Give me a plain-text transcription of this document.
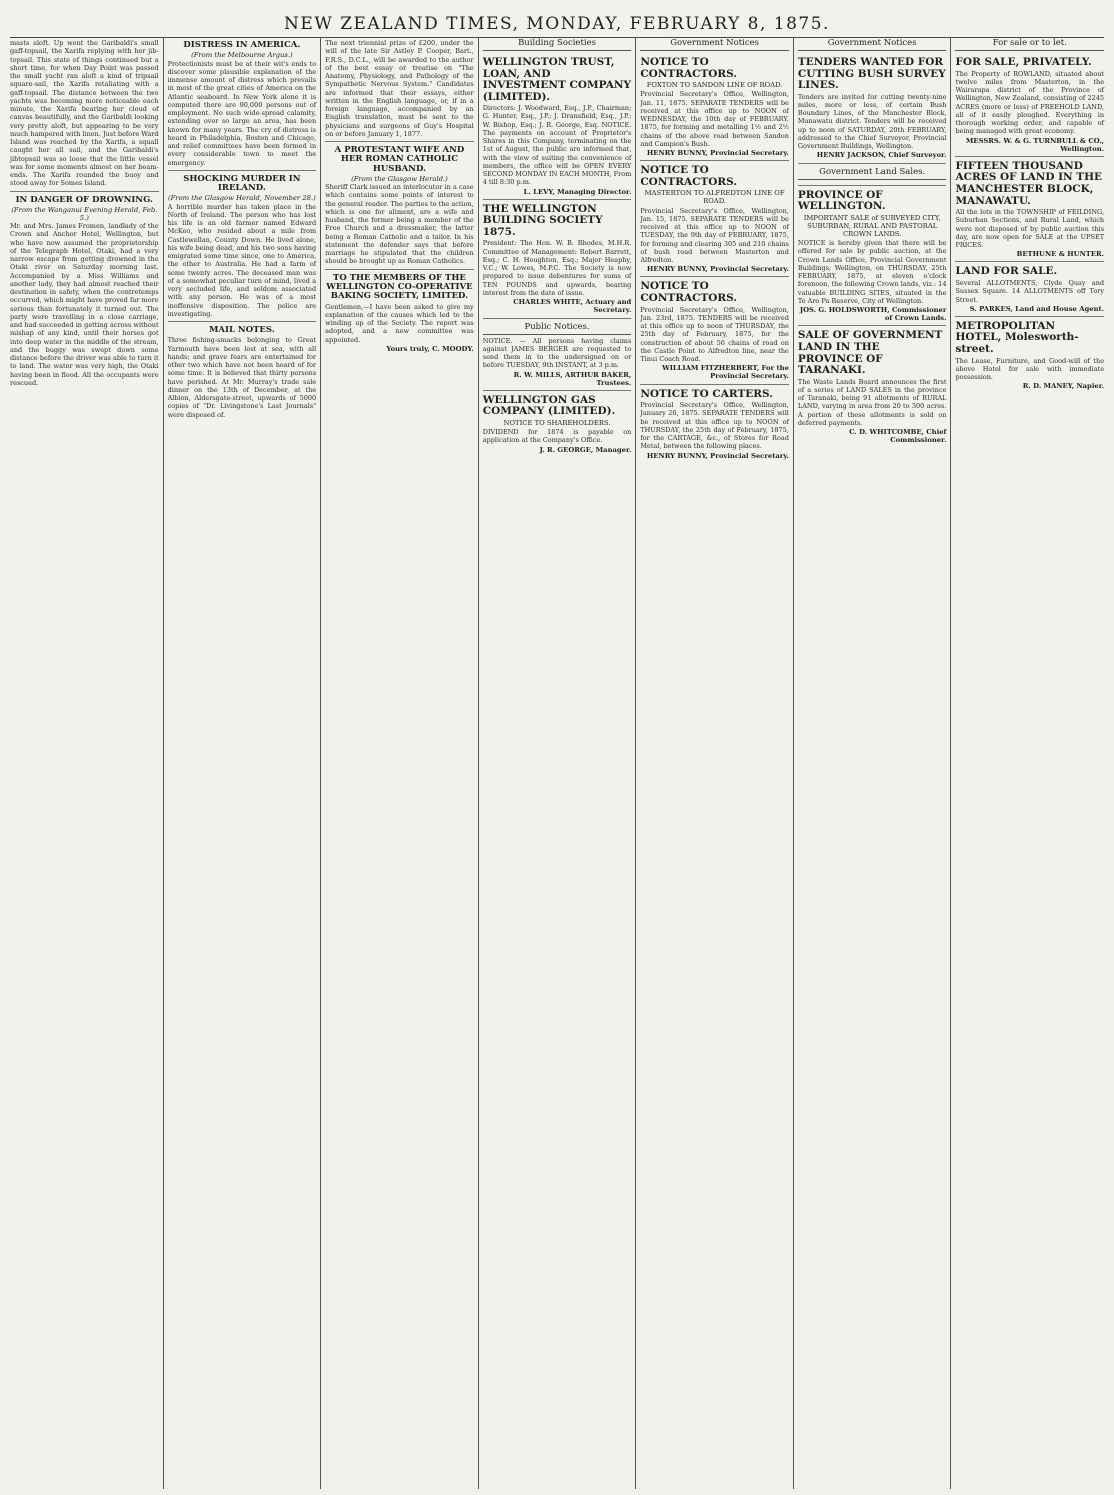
NEW ZEALAND TIMES, MONDAY, FEBRUARY 8, 1875.

masts aloft. Up went the Garibaldi's small gaff-topsail, the Xarifa replying with her jib-topsail. This state of things continued but a short time, for when Day Point was passed the small yacht ran aloft a kind of tripsail square-sail, the Xarifa retaliating with a gaff-topsail. The distance between the two yachts was becoming more noticeable each minute, the Xarifa bearing her cloud of canvas beautifully, and the Garibaldi looking very pretty aloft, but appearing to be very much hampered with linen. Just before Ward Island was reached by the Xarifa, a squall caught her all sail, and the Garibaldi's jibtopsail was so loose that the little vessel was for some moments almost on her beam-ends. The Xarifa rounded the buoy and stood away for Somes Island.

IN DANGER OF DROWNING.

(From the Wanganui Evening Herald, Feb. 5.)

Mr. and Mrs. James Fromen, landlady of the Crown and Anchor Hotel, Wellington, but who have now assumed the proprietorship of the Telegraph Hotel, Otaki, had a very narrow escape from getting drowned in the Otaki river on Saturday morning last. Accompanied by a Miss Williams and another lady, they had almost reached their destination in safety, when the contretemps occurred, which might have proved far more serious than fortunately it turned out. The party were travelling in a close carriage, and had succeeded in getting across without mishap of any kind, until their horses got into deep water in the middle of the stream, and the buggy was swept down some distance before the driver was able to turn it to land. The water was very high, the Otaki having been in flood. All the occupants were rescued.

DISTRESS IN AMERICA.

(From the Melbourne Argus.)

Protectionists must be at their wit's ends to discover some plausible explanation of the immense amount of distress which prevails in most of the great cities of America on the Atlantic seaboard. In New York alone it is computed there are 90,000 persons out of employment. No such wide-spread calamity, extending over so large an area, has been known for many years. The cry of distress is heard in Philadelphia, Boston and Chicago, and relief committees have been formed in every considerable town to meet the emergency.

SHOCKING MURDER IN IRELAND.

(From the Glasgow Herald, November 28.)

A horrible murder has taken place in the North of Ireland. The person who has lost his life is an old farmer named Edward McKeo, who resided about a mile from Castlewellan, County Down. He lived alone, his wife being dead, and his two sons having emigrated some time since, one to America, the other to Australia. He had a farm of some twenty acres. The deceased man was of a somewhat peculiar turn of mind, lived a very secluded life, and seldom associated with any person. He was of a most inoffensive disposition. The police are investigating.

MAIL NOTES.

Three fishing-smacks belonging to Great Yarmouth have been lost at sea, with all hands; and grave fears are entertained for other two which have not been heard of for some time. It is believed that thirty persons have perished. At Mr. Murray's trade sale dinner on the 13th of December, at the Albion, Aldersgate-street, upwards of 5000 copies of "Dr. Livingstone's Last Journals" were disposed of.

The next triennial prize of £200, under the will of the late Sir Astley P. Cooper, Bart., F.R.S., D.C.L., will be awarded to the author of the best essay or treatise on "The Anatomy, Physiology, and Pathology of the Sympathetic Nervous System." Candidates are informed that their essays, either written in the English language, or, if in a foreign language, accompanied by an English translation, must be sent to the physicians and surgeons of Guy's Hospital on or before January 1, 1877.

A PROTESTANT WIFE AND HER ROMAN CATHOLIC HUSBAND.

(From the Glasgow Herald.)

Sheriff Clark issued an interlocutor in a case which contains some points of interest to the general reader. The parties to the action, which is one for aliment, are a wife and husband, the former being a member of the Free Church and a dressmaker, the latter being a Roman Catholic and a tailor. In his statement the defender says that before marriage he stipulated that the children should be brought up as Roman Catholics.

TO THE MEMBERS OF THE WELLINGTON CO-OPERATIVE BAKING SOCIETY, LIMITED.

Gentlemen,—I have been asked to give my explanation of the causes which led to the winding up of the Society. The report was adopted, and a new committee was appointed.

Yours truly, C. MOODY.

Building Societies
WELLINGTON TRUST, LOAN, AND INVESTMENT COMPANY (LIMITED).

Directors: J. Woodward, Esq., J.P., Chairman; G. Hunter, Esq., J.P.; J. Dransfield, Esq., J.P.; W. Bishop, Esq.; J. R. George, Esq. NOTICE. The payments on account of Proprietor's Shares in this Company, terminating on the 1st of August, the public are informed that, with the view of suiting the convenience of members, the office will be OPEN EVERY SECOND MONDAY IN EACH MONTH, From 4 till 8:30 p.m.

L. LEVY, Managing Director.

THE WELLINGTON BUILDING SOCIETY 1875.

President: The Hon. W. B. Rhodes, M.H.R. Committee of Management: Robert Barrett, Esq.; C. H. Houghton, Esq.; Major Heaphy, V.C.; W. Lowes, M.P.C. The Society is now prepared to issue debentures for sums of TEN POUNDS and upwards, bearing interest from the date of issue.

CHARLES WHITE, Actuary and Secretary.

Public Notices.

NOTICE. — All persons having claims against JAMES BERGER are requested to send them in to the undersigned on or before TUESDAY, 9th INSTANT, at 3 p.m.

R. W. MILLS, ARTHUR BAKER, Trustees.

WELLINGTON GAS COMPANY (LIMITED).

NOTICE TO SHAREHOLDERS.

DIVIDEND for 1874 is payable on application at the Company's Office.

J. R. GEORGE, Manager.

Government Notices
NOTICE TO CONTRACTORS.

FOXTON TO SANDON LINE OF ROAD.

Provincial Secretary's Office, Wellington, Jan. 11, 1875. SEPARATE TENDERS will be received at this office up to NOON of WEDNESDAY, the 10th day of FEBRUARY, 1875, for forming and metalling 1½ and 2½ chains of the above road between Sandon and Campion's Bush.

HENRY BUNNY, Provincial Secretary.

NOTICE TO CONTRACTORS.

MASTERTON TO ALFREDTON LINE OF ROAD.

Provincial Secretary's Office, Wellington, Jan. 15, 1875. SEPARATE TENDERS will be received at this office up to NOON of TUESDAY, the 9th day of FEBRUARY, 1875, for forming and clearing 305 and 210 chains of bush road between Masterton and Alfredton.

HENRY BUNNY, Provincial Secretary.

NOTICE TO CONTRACTORS.

Provincial Secretary's Office, Wellington, Jan. 23rd, 1875. TENDERS will be received at this office up to noon of THURSDAY, the 25th day of February, 1875, for the construction of about 56 chains of road on the Castle Point to Alfredton line, near the Tinui Coach Road.

WILLIAM FITZHERBERT, For the Provincial Secretary.

NOTICE TO CARTERS.

Provincial Secretary's Office, Wellington, January 26, 1875. SEPARATE TENDERS will be received at this office up to NOON of THURSDAY, the 25th day of February, 1875, for the CARTAGE, &c., of Stores for Road Metal, between the following places.

HENRY BUNNY, Provincial Secretary.

Government Notices
TENDERS WANTED FOR CUTTING BUSH SURVEY LINES.

Tenders are invited for cutting twenty-nine miles, more or less, of certain Bush Boundary Lines, of the Manchester Block, Manawatu district. Tenders will be received up to noon of SATURDAY, 20th FEBRUARY, addressed to the Chief Surveyor, Provincial Government Buildings, Wellington.

HENRY JACKSON, Chief Surveyor.

Government Land Sales.
PROVINCE OF WELLINGTON.

IMPORTANT SALE of SURVEYED CITY, SUBURBAN, RURAL AND PASTORAL CROWN LANDS.

NOTICE is hereby given that there will be offered for sale by public auction, at the Crown Lands Office, Provincial Government Buildings, Wellington, on THURSDAY, 25th FEBRUARY, 1875, at eleven o'clock forenoon, the following Crown lands, viz.: 14 valuable BUILDING SITES, situated in the Te Aro Pa Reserve, City of Wellington.

JOS. G. HOLDSWORTH, Commissioner of Crown Lands.

SALE OF GOVERNMENT LAND IN THE PROVINCE OF TARANAKI.

The Waste Lands Board announces the first of a series of LAND SALES in the province of Taranaki, being 91 allotments of RURAL LAND, varying in area from 20 to 300 acres. A portion of these allotments is sold on deferred payments.

C. D. WHITCOMBE, Chief Commissioner.

For sale or to let.
FOR SALE, PRIVATELY.

The Property of ROWLAND, situated about twelve miles from Masterton, in the Wairarapa district of the Province of Wellington, New Zealand, consisting of 2245 ACRES (more or less) of FREEHOLD LAND, all of it easily ploughed. Everything in thorough working order, and capable of being managed with great economy.

MESSRS. W. & G. TURNBULL & CO., Wellington.

FIFTEEN THOUSAND ACRES OF LAND IN THE MANCHESTER BLOCK, MANAWATU.

All the lots in the TOWNSHIP of FEILDING, Suburban Sections, and Rural Land, which were not disposed of by public auction this day, are now open for SALE at the UPSET PRICES.

BETHUNE & HUNTER.

LAND FOR SALE.

Several ALLOTMENTS, Clyde Quay and Sussex Square. 14 ALLOTMENTS off Tory Street.

S. PARKES, Land and House Agent.

METROPOLITAN HOTEL, Molesworth-street.

The Lease, Furniture, and Good-will of the above Hotel for sale with immediate possession.

R. D. MANEY, Napier.
